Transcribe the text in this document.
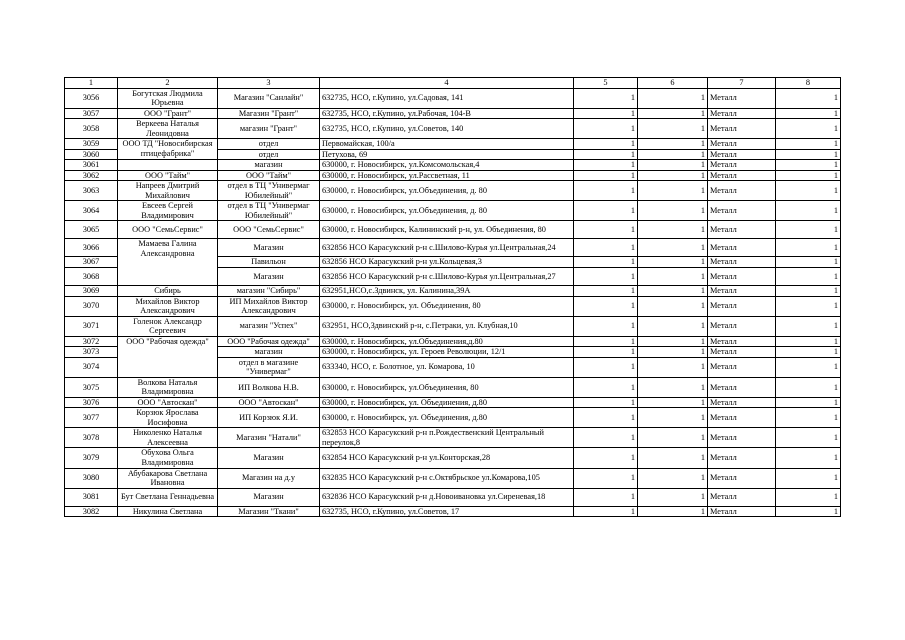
1	2	3	4	5	6	7	8
3056	Богутская Людмила Юрьевна	Магазин "Санлайн"	632735, НСО, г.Купино, ул.Садовая, 141	1	1	Металл	1
3057	ООО "Грант"	Магазин "Грант"	632735, НСО, г.Купино, ул.Рабочая, 104-В	1	1	Металл	1
3058	Веркеева Наталья Леонидовна	магазин "Грант"	632735, НСО, г.Купино, ул.Советов, 140	1	1	Металл	1
3059	ООО ТД "Новосибирская птицефабрика"	отдел	Первомайская, 100/а	1	1	Металл	1
3060		отдел	Петухова, 69	1	1	Металл	1
3061		магазин	630000, г. Новосибирск, ул.Комсомольская,4	1	1	Металл	1
3062	ООО "Тайм"	ООО "Тайм"	630000, г. Новосибирск, ул.Рассветная, 11	1	1	Металл	1
3063	Напреев Дмитрий Михайлович	отдел в ТЦ "Универмаг Юбилейный"	630000, г. Новосибирск, ул.Объединения, д. 80	1	1	Металл	1
3064	Евсеев Сергей Владимирович	отдел в ТЦ "Универмаг Юбилейный"	630000, г. Новосибирск, ул.Объединения, д. 80	1	1	Металл	1
3065	ООО "СемьСервис"	ООО "СемьСервис"	630000, г. Новосибирск, Калининский р-н, ул. Объединения, 80	1	1	Металл	1
3066	Мамаева Галина Александровна	Магазин	632856 НСО Карасукский р-н с.Шилово-Курья ул.Центральная,24	1	1	Металл	1
3067		Павильон	632856 НСО Карасукский р-н ул.Кольцевая,3	1	1	Металл	1
3068		Магазин	632856 НСО Карасукский р-н с.Шилово-Курья ул.Центральная,27	1	1	Металл	1
3069	Сибирь	магазин "Сибирь"	632951,НСО,с.Здвинск, ул. Калинина,39А	1	1	Металл	1
3070	Михайлов Виктор Александрович	ИП Михайлов Виктор Александрович	630000, г. Новосибирск, ул. Объединения, 80	1	1	Металл	1
3071	Голенок Александр Сергеевич	магазин "Успех"	632951, НСО,Здвинский р-н, с.Петраки, ул. Клубная,10	1	1	Металл	1
3072	ООО "Рабочая одежда"	ООО "Рабочая одежда"	630000, г. Новосибирск, ул.Объединения,д.80	1	1	Металл	1
3073		магазин	630000, г. Новосибирск, ул. Героев Революции, 12/1	1	1	Металл	1
3074		отдел в магазине "Универмаг"	633340, НСО, г. Болотное, ул. Комарова, 10	1	1	Металл	1
3075	Волкова Наталья Владимировна	ИП Волкова Н.В.	630000, г. Новосибирск, ул.Объединения, 80	1	1	Металл	1
3076	ООО "Автоскан"	ООО "Автоскан"	630000, г. Новосибирск, ул. Объединения, д.80	1	1	Металл	1
3077	Корзюк Ярослава Иосифовна	ИП Корзюк Я.И.	630000, г. Новосибирск, ул. Объединения, д.80	1	1	Металл	1
3078	Николенко Наталья Алексеевна	Магазин "Натали"	632853 НСО Карасукский р-н п.Рождественский Центральный переулок,8	1	1	Металл	1
3079	Обухова Ольга Владимировна	Магазин	632854 НСО Карасукский р-н ул.Конторская,28	1	1	Металл	1
3080	Абубакарова Светлана Ивановна	Магазин на д.у	632835 НСО Карасукский р-н с.Октябрьское ул.Комарова,105	1	1	Металл	1
3081	Бут Светлана Геннадьевна	Магазин	632836 НСО Карасукский р-н д.Новоивановка ул.Сиреневая,18	1	1	Металл	1
3082	Никулина Светлана	Магазин "Ткани"	632735, НСО, г.Купино, ул.Советов, 17	1	1	Металл	1
